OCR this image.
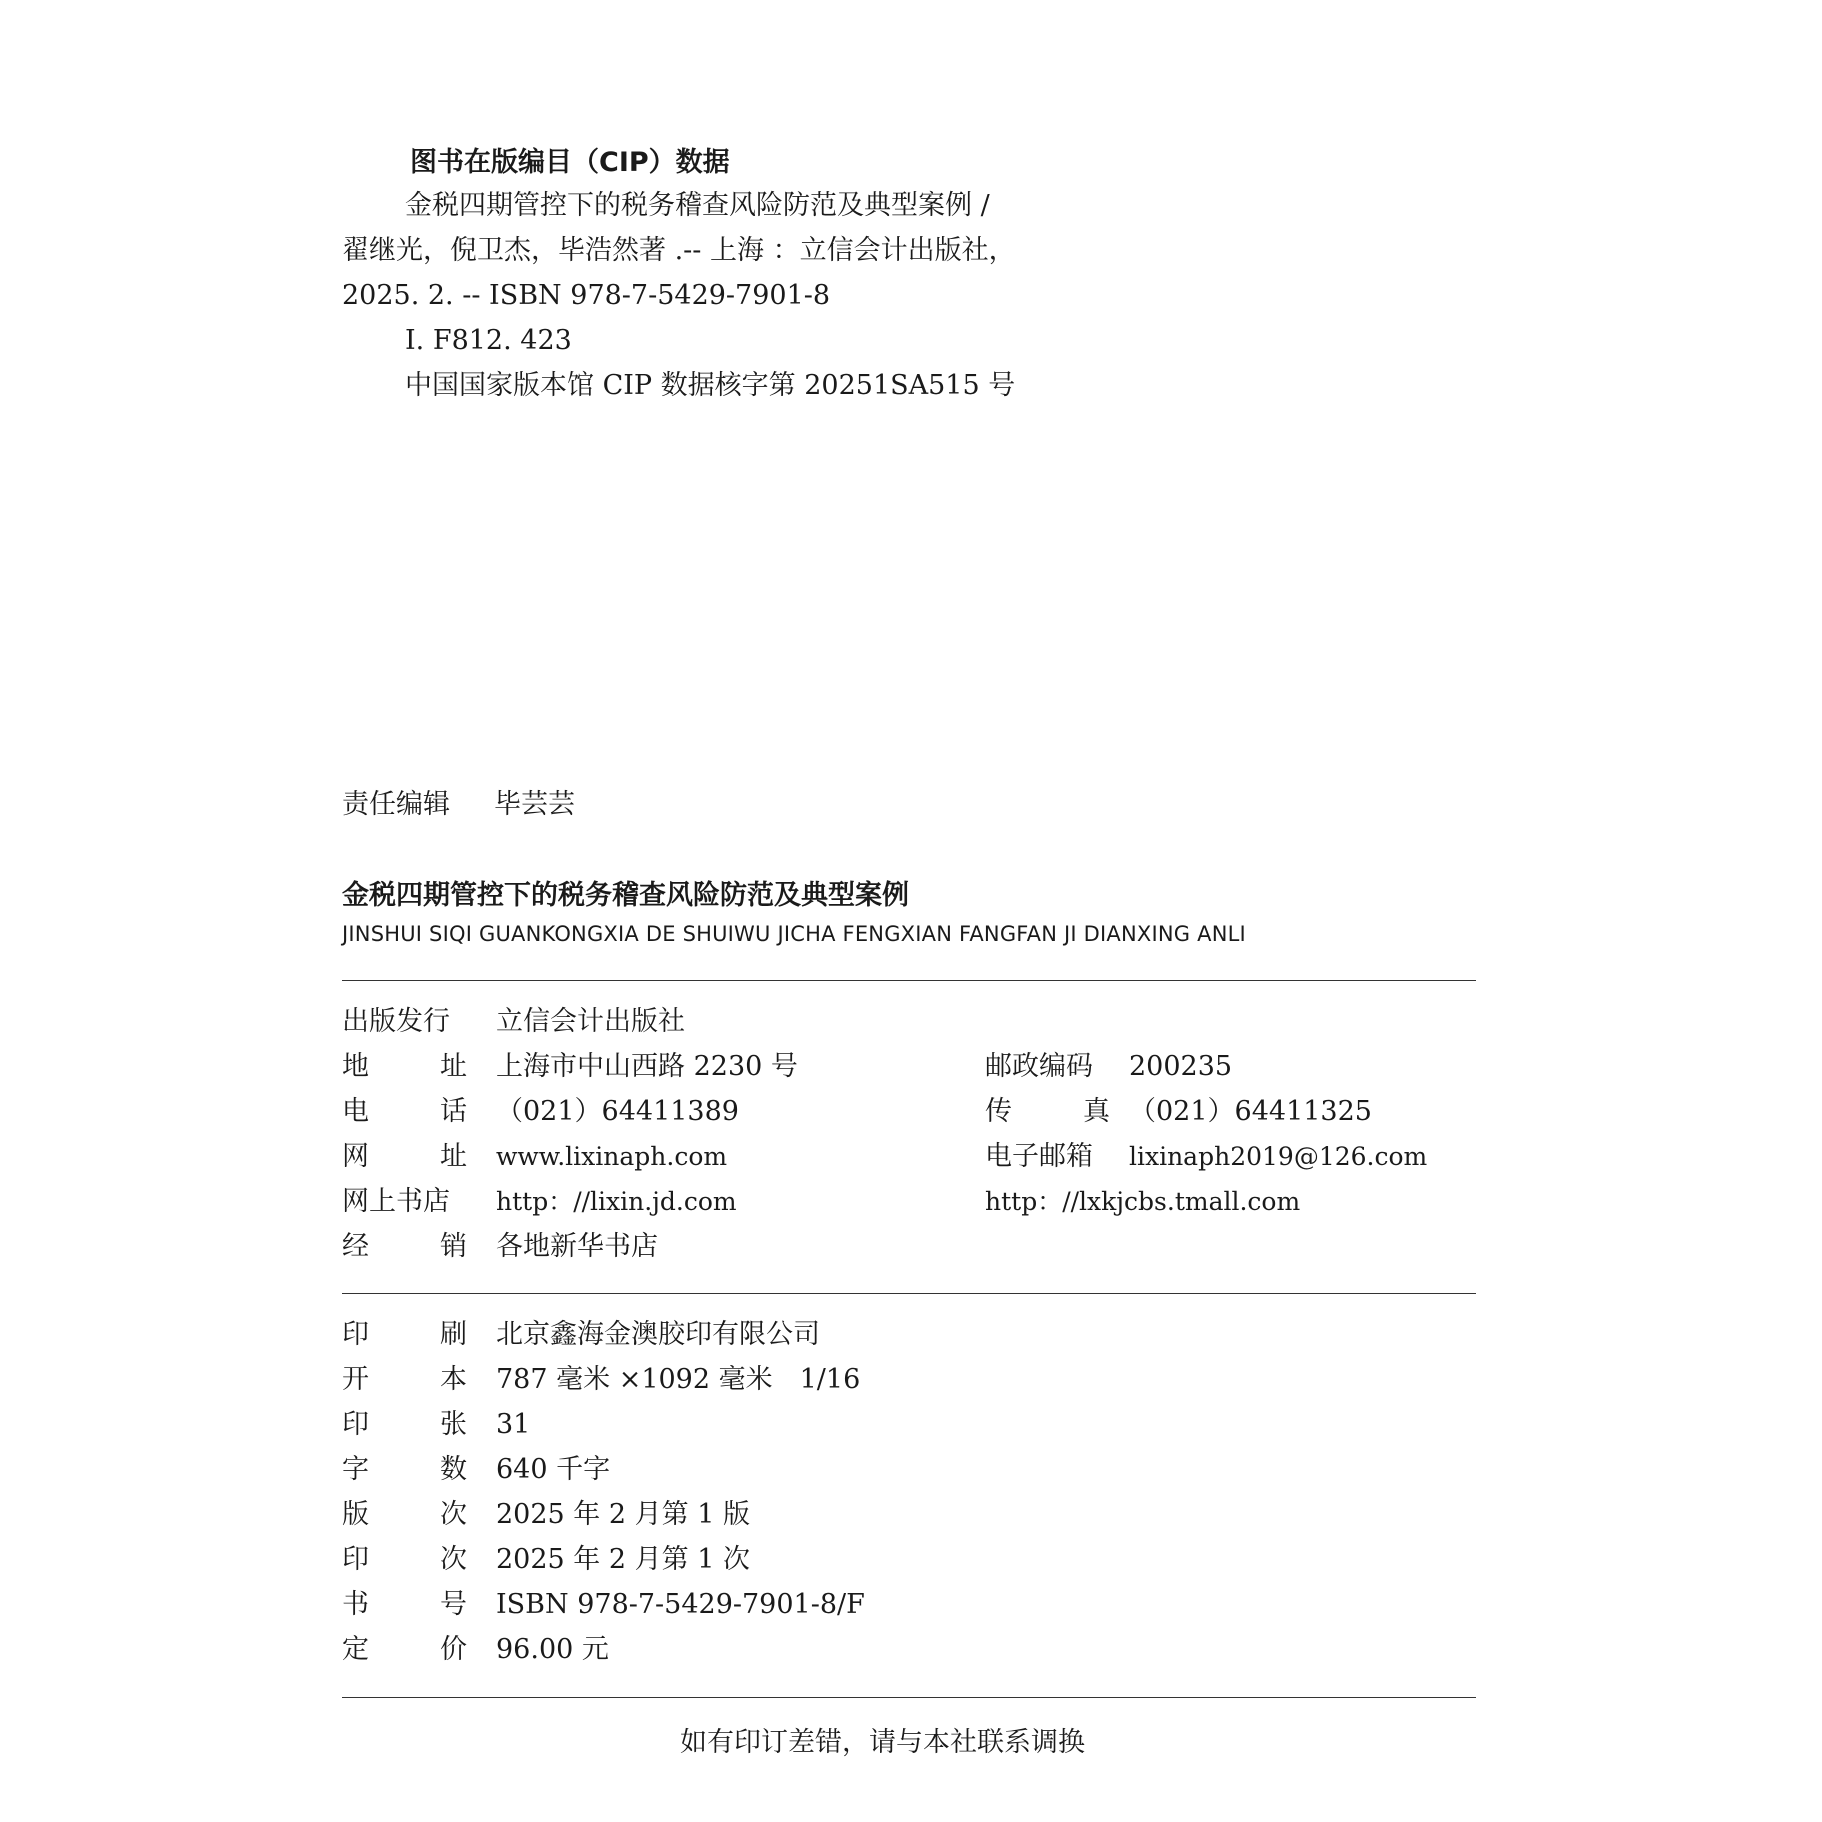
图书在版编目（CIP）数据
金税四期管控下的税务稽查风险防范及典型案例 /
翟继光，倪卫杰，毕浩然著 .-- 上海 ：立信会计出版社，
2025. 2. -- ISBN 978-7-5429-7901-8
Ⅰ. F812. 423
中国国家版本馆 CIP 数据核字第 20251SA515 号
责任编辑 毕芸芸
金税四期管控下的税务稽查风险防范及典型案例
JINSHUI SIQI GUANKONGXIA DE SHUIWU JICHA FENGXIAN FANGFAN JI DIANXING ANLI
出版发行	立信会计出版社
地	址 上海市中山西路 2230 号	邮政编码	200235
电	话 （021）64411389	传	真 （021）64411325
网	址 www.lixinaph.com	电子邮箱	lixinaph2019@126.com
网上书店	http：//lixin.jd.com	http：//lxkjcbs.tmall.com
经	销 各地新华书店
印	刷 北京鑫海金澳胶印有限公司
开	本 787 毫米 ×1092 毫米　1/16
印	张 31
字	数 640 千字
版	次 2025 年 2 月第 1 版
印	次 2025 年 2 月第 1 次
书	号 ISBN 978-7-5429-7901-8/F
定	价 96.00 元
如有印订差错，请与本社联系调换
